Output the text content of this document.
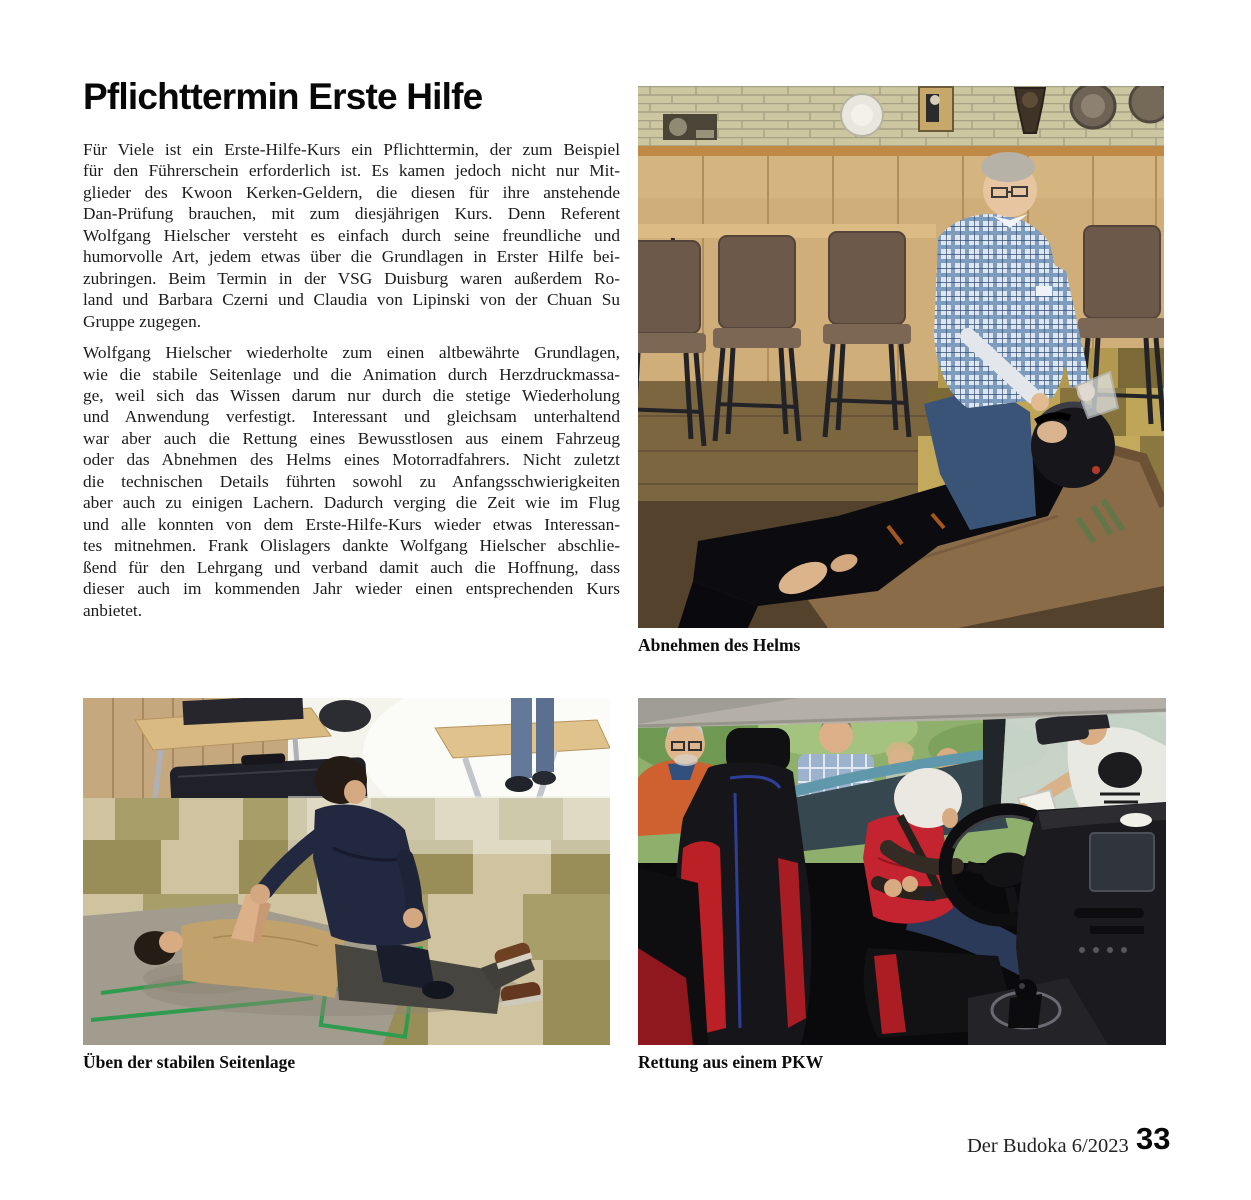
Pflichttermin Erste Hilfe
Für Viele ist ein Erste-Hilfe-Kurs ein Pflichttermin, der zum Beispiel
für den Führerschein erforderlich ist. Es kamen jedoch nicht nur Mit-
glieder des Kwoon Kerken-Geldern, die diesen für ihre anstehende
Dan-Prüfung brauchen, mit zum diesjährigen Kurs. Denn Referent
Wolfgang Hielscher versteht es einfach durch seine freundliche und
humorvolle Art, jedem etwas über die Grundlagen in Erster Hilfe bei-
zubringen. Beim Termin in der VSG Duisburg waren außerdem Ro-
land und Barbara Czerni und Claudia von Lipinski von der Chuan Su
Gruppe zugegen.
Wolfgang Hielscher wiederholte zum einen altbewährte Grundlagen,
wie die stabile Seitenlage und die Animation durch Herzdruckmassa-
ge, weil sich das Wissen darum nur durch die stetige Wiederholung
und Anwendung verfestigt. Interessant und gleichsam unterhaltend
war aber auch die Rettung eines Bewusstlosen aus einem Fahrzeug
oder das Abnehmen des Helms eines Motorradfahrers. Nicht zuletzt
die technischen Details führten sowohl zu Anfangsschwierigkeiten
aber auch zu einigen Lachern. Dadurch verging die Zeit wie im Flug
und alle konnten von dem Erste-Hilfe-Kurs wieder etwas Interessan-
tes mitnehmen. Frank Olislagers dankte Wolfgang Hielscher abschlie-
ßend für den Lehrgang und verband damit auch die Hoffnung, dass
dieser auch im kommenden Jahr wieder einen entsprechenden Kurs
anbietet.
Abnehmen des Helms
Üben der stabilen Seitenlage	Rettung aus einem PKW
Der Budoka 6/2023 33
